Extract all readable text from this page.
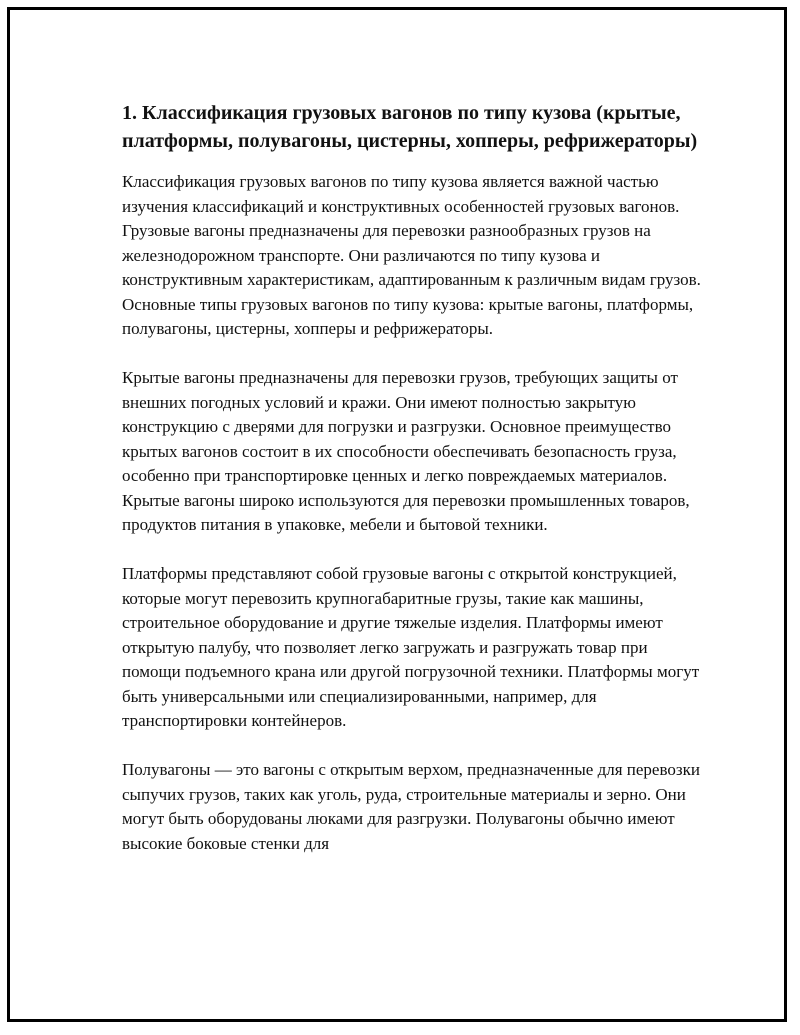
1. Классификация грузовых вагонов по типу кузова (крытые, платформы, полувагоны, цистерны, хопперы, рефрижераторы)

Классификация грузовых вагонов по типу кузова является важной частью изучения классификаций и конструктивных особенностей грузовых вагонов. Грузовые вагоны предназначены для перевозки разнообразных грузов на железнодорожном транспорте. Они различаются по типу кузова и конструктивным характеристикам, адаптированным к различным видам грузов. Основные типы грузовых вагонов по типу кузова: крытые вагоны, платформы, полувагоны, цистерны, хопперы и рефрижераторы.

Крытые вагоны предназначены для перевозки грузов, требующих защиты от внешних погодных условий и кражи. Они имеют полностью закрытую конструкцию с дверями для погрузки и разгрузки. Основное преимущество крытых вагонов состоит в их способности обеспечивать безопасность груза, особенно при транспортировке ценных и легко повреждаемых материалов. Крытые вагоны широко используются для перевозки промышленных товаров, продуктов питания в упаковке, мебели и бытовой техники.

Платформы представляют собой грузовые вагоны с открытой конструкцией, которые могут перевозить крупногабаритные грузы, такие как машины, строительное оборудование и другие тяжелые изделия. Платформы имеют открытую палубу, что позволяет легко загружать и разгружать товар при помощи подъемного крана или другой погрузочной техники. Платформы могут быть универсальными или специализированными, например, для транспортировки контейнеров.

Полувагоны — это вагоны с открытым верхом, предназначенные для перевозки сыпучих грузов, таких как уголь, руда, строительные материалы и зерно. Они могут быть оборудованы люками для разгрузки. Полувагоны обычно имеют высокие боковые стенки для
